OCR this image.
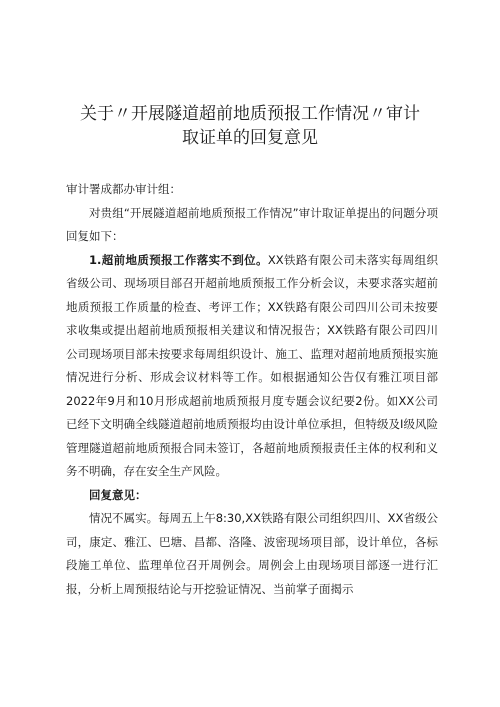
关于〃开展隧道超前地质预报工作情况〃审计
取证单的回复意见

审计署成都办审计组：

对贵组“开展隧道超前地质预报工作情况”审计取证单提出的问题分项回复如下：

1.超前地质预报工作落实不到位。XX铁路有限公司未落实每周组织省级公司、现场项目部召开超前地质预报工作分析会议，未要求落实超前地质预报工作质量的检查、考评工作；XX铁路有限公司四川公司未按要求收集或提出超前地质预报相关建议和情况报告；XX铁路有限公司四川公司现场项目部未按要求每周组织设计、施工、监理对超前地质预报实施情况进行分析、形成会议材料等工作。如根据通知公告仅有雅江项目部2022年9月和10月形成超前地质预报月度专题会议纪要2份。如XX公司已经下文明确全线隧道超前地质预报均由设计单位承担，但特级及I级风险管理隧道超前地质预报合同未签订，各超前地质预报责任主体的权利和义务不明确，存在安全生产风险。

回复意见：

情况不属实。每周五上午8:30,XX铁路有限公司组织四川、XX省级公司，康定、雅江、巴塘、昌都、洛隆、波密现场项目部，设计单位，各标段施工单位、监理单位召开周例会。周例会上由现场项目部逐一进行汇报，分析上周预报结论与开挖验证情况、当前掌子面揭示
